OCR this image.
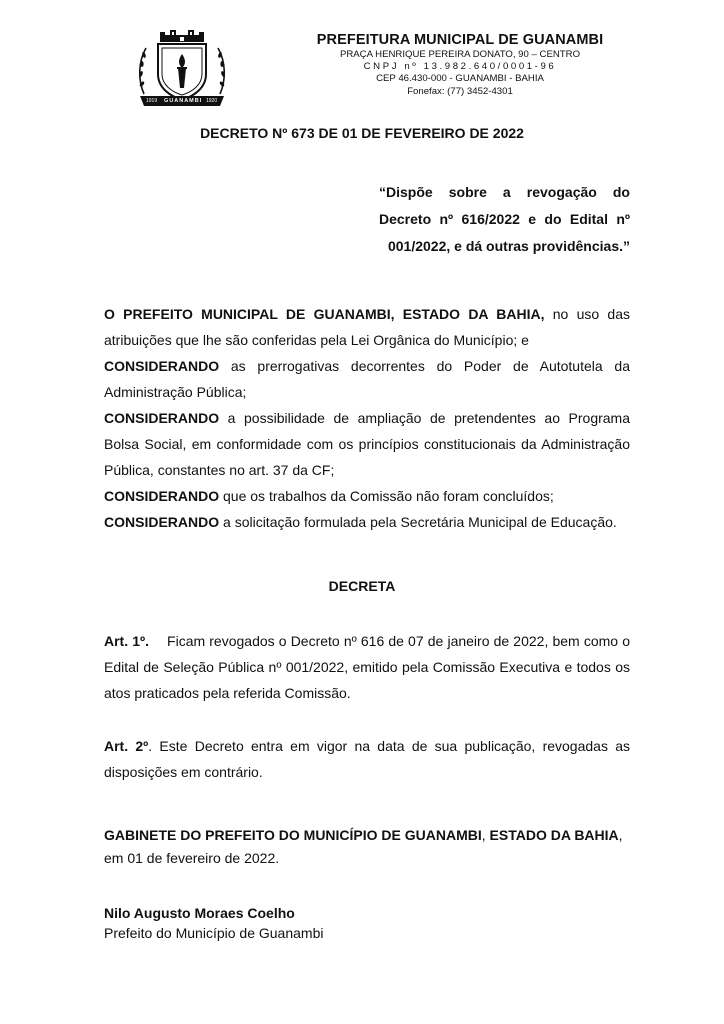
GUANAMBI
1919	1920
PREFEITURA MUNICIPAL DE GUANAMBI
PRAÇA HENRIQUE PEREIRA DONATO, 90 – CENTRO
CNPJ nº 13.982.640/0001-96
CEP 46.430-000 - GUANAMBI - BAHIA
Fonefax: (77) 3452-4301
DECRETO Nº 673 DE 01 DE FEVEREIRO DE 2022

“Dispõe sobre a revogação do Decreto nº 616/2022 e do Edital nº 001/2022, e dá outras providências.”

O PREFEITO MUNICIPAL DE GUANAMBI, ESTADO DA BAHIA, no uso das atribuições que lhe são conferidas pela Lei Orgânica do Município; e

CONSIDERANDO as prerrogativas decorrentes do Poder de Autotutela da Administração Pública;

CONSIDERANDO a possibilidade de ampliação de pretendentes ao Programa Bolsa Social, em conformidade com os princípios constitucionais da Administração Pública, constantes no art. 37 da CF;

CONSIDERANDO que os trabalhos da Comissão não foram concluídos;

CONSIDERANDO a solicitação formulada pela Secretária Municipal de Educação.

DECRETA

Art. 1º. Ficam revogados o Decreto nº 616 de 07 de janeiro de 2022, bem como o Edital de Seleção Pública nº 001/2022, emitido pela Comissão Executiva e todos os atos praticados pela referida Comissão.

Art. 2º. Este Decreto entra em vigor na data de sua publicação, revogadas as disposições em contrário.

GABINETE DO PREFEITO DO MUNICÍPIO DE GUANAMBI, ESTADO DA BAHIA,

em 01 de fevereiro de 2022.

Nilo Augusto Moraes Coelho
Prefeito do Município de Guanambi
